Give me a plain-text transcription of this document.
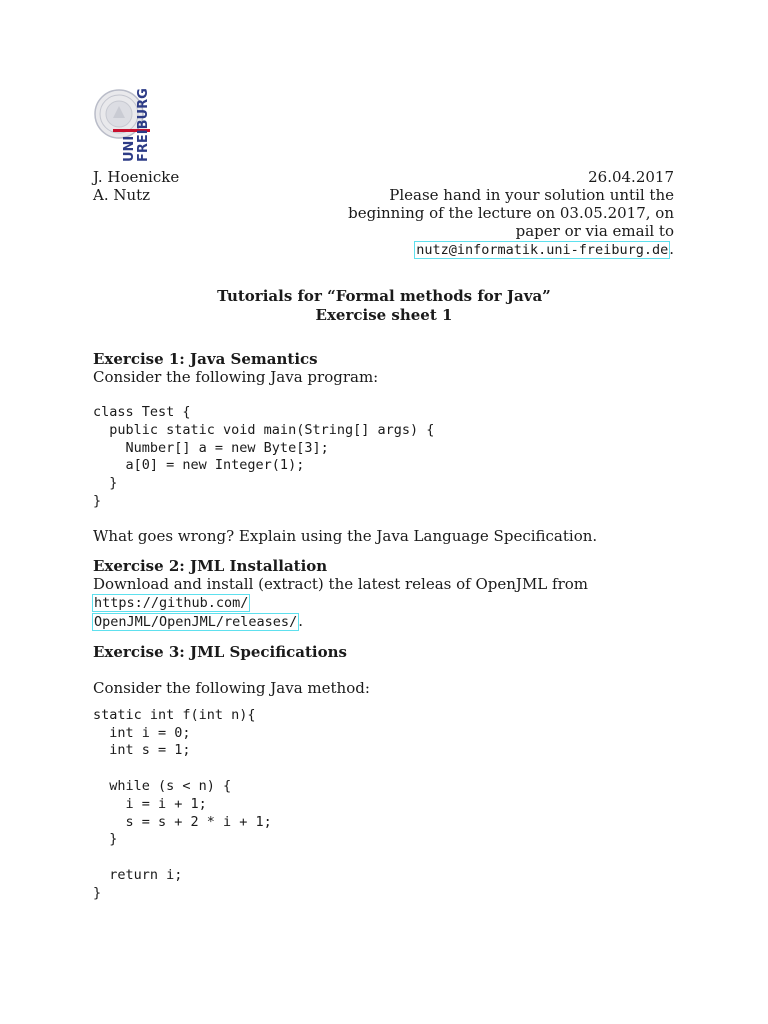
UNI FREIBURG
J. Hoenicke
A. Nutz
26.04.2017
Please hand in your solution until the
beginning of the lecture on 03.05.2017, on
paper or via email to
nutz@informatik.uni-freiburg.de.
Tutorials for “Formal methods for Java”
Exercise sheet 1
Exercise 1: Java Semantics
Consider the following Java program:
class Test {
public static void main(String[] args) {
Number[] a = new Byte[3];
a[0] = new Integer(1);
}
}
What goes wrong? Explain using the Java Language Specification.
Exercise 2: JML Installation
Download and install (extract) the latest releas of OpenJML from https://github.com/
OpenJML/OpenJML/releases/.
Exercise 3: JML Specifications
Consider the following Java method:
static int f(int n){
int i = 0;
int s = 1;

while (s < n) {
i = i + 1;
s = s + 2 * i + 1;
}

return i;
}
